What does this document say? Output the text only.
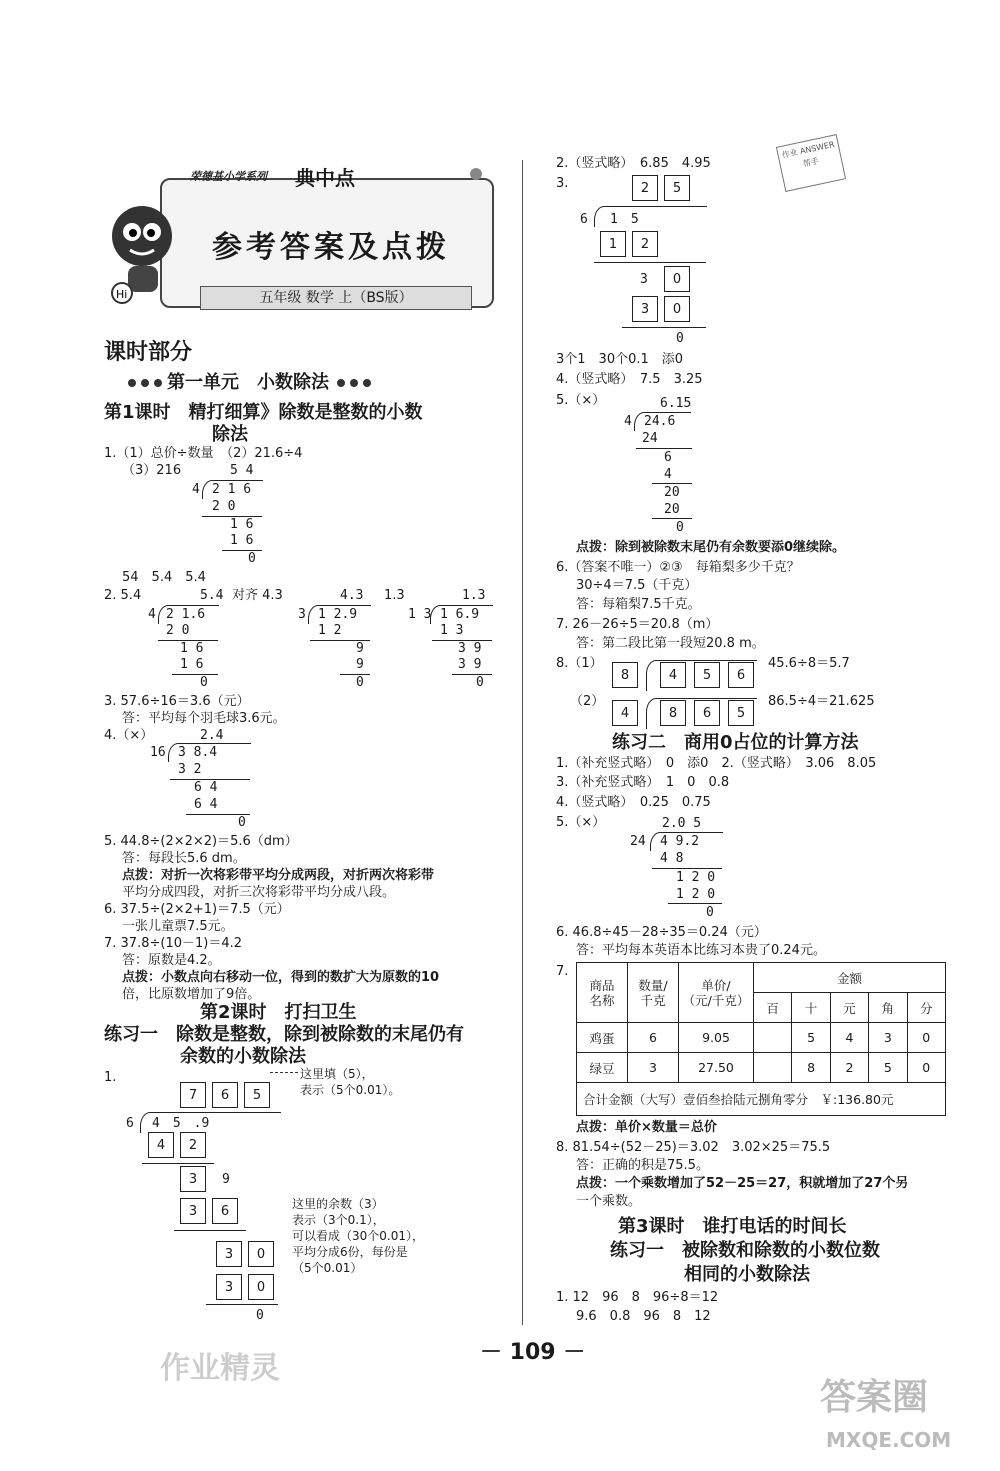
荣德基小学系列 典中点
Hi
参考答案及点拨
五年级 数学 上（BS版）
作业 ANSWER 帮手
课时部分
第一单元　小数除法
第1课时　精打细算》除数是整数的小数
除法
1.（1）总价÷数量　（2）21.6÷4
（3）216	5 4
4 2 1 6
2 0
1 6
1 6
0
54　5.4　5.4
2. 5.4	对齐 4.3	1.3
5.4
4 2 1.6
2 0
1 6
1 6
0
4.3
3 1 2.9
1 2
9
9
0
1.3
1 3 1 6.9
1 3
3 9
3 9
0
3. 57.6÷16＝3.6（元）
答：平均每个羽毛球3.6元。
4.（×）	2.4
16 3 8.4
3 2
6 4
6 4
0
5. 44.8÷(2×2×2)＝5.6（dm）
答：每段长5.6 dm。
点拨：对折一次将彩带平均分成两段，对折两次将彩带
平均分成四段，对折三次将彩带平均分成八段。
6. 37.5÷(2×2+1)＝7.5（元）
一张儿童票7.5元。
7. 37.8÷(10－1)＝4.2
答：原数是4.2。
点拨：小数点向右移动一位，得到的数扩大为原数的10
倍，比原数增加了9倍。
第2课时　打扫卫生
练习一　除数是整数，除到被除数的末尾仍有
余数的小数除法
1.
7	6	5
6 4　5　.9
4	2
3	9
3	6
3	0
3	0
0
这里填（5），
表示（5个0.01）。
这里的余数（3）
表示（3个0.1），
可以看成（30个0.01），
平均分成6份，每份是
（5个0.01）
作业精灵
2.（竖式略）　6.85　4.95
3.	2	5
6 1　5
1	2
3	0
3	0
0
3个1　30个0.1　添0
4.（竖式略）　7.5　3.25
5.（×）	6.15
4 24.6
24
6
4
20
20
0
点拨：除到被除数末尾仍有余数要添0继续除。
6.（答案不唯一）②③　每箱梨多少千克？
30÷4＝7.5（千克）
答：每箱梨7.5千克。
7. 26－26÷5＝20.8（m）
答：第二段比第一段短20.8 m。
8.（1）
8	4	5	6
45.6÷8＝5.7
（2）
4	8	6	5
86.5÷4＝21.625
练习二　商用0占位的计算方法
1.（补充竖式略）　0　添0　2.（竖式略）　3.06　8.05
3.（补充竖式略）　1　0　0.8
4.（竖式略）　0.25　0.75
5.（×）	2.0 5
24 4 9.2
4 8
1 2 0
1 2 0
0
6. 46.8÷45－28÷35＝0.24（元）
答：平均每本英语本比练习本贵了0.24元。
7.
商品
名称	数量/
千克	单价/
（元/千克）	金额				
			百	十	元	角	分
鸡蛋	6	9.05		5	4	3	0
绿豆	3	27.50		8	2	5	0
合计金额（大写）壹佰叁拾陆元捌角零分　￥:136.80元							
点拨：单价×数量＝总价
8. 81.54÷(52－25)＝3.02　3.02×25＝75.5
答：正确的积是75.5。
点拨：一个乘数增加了52－25＝27，积就增加了27个另
一个乘数。
第3课时　谁打电话的时间长
练习一　被除数和除数的小数位数
相同的小数除法
1. 12　96　8　96÷8＝12
9.6　0.8　96　8　12
－ 109 －
答案圈
MXQE.COM
